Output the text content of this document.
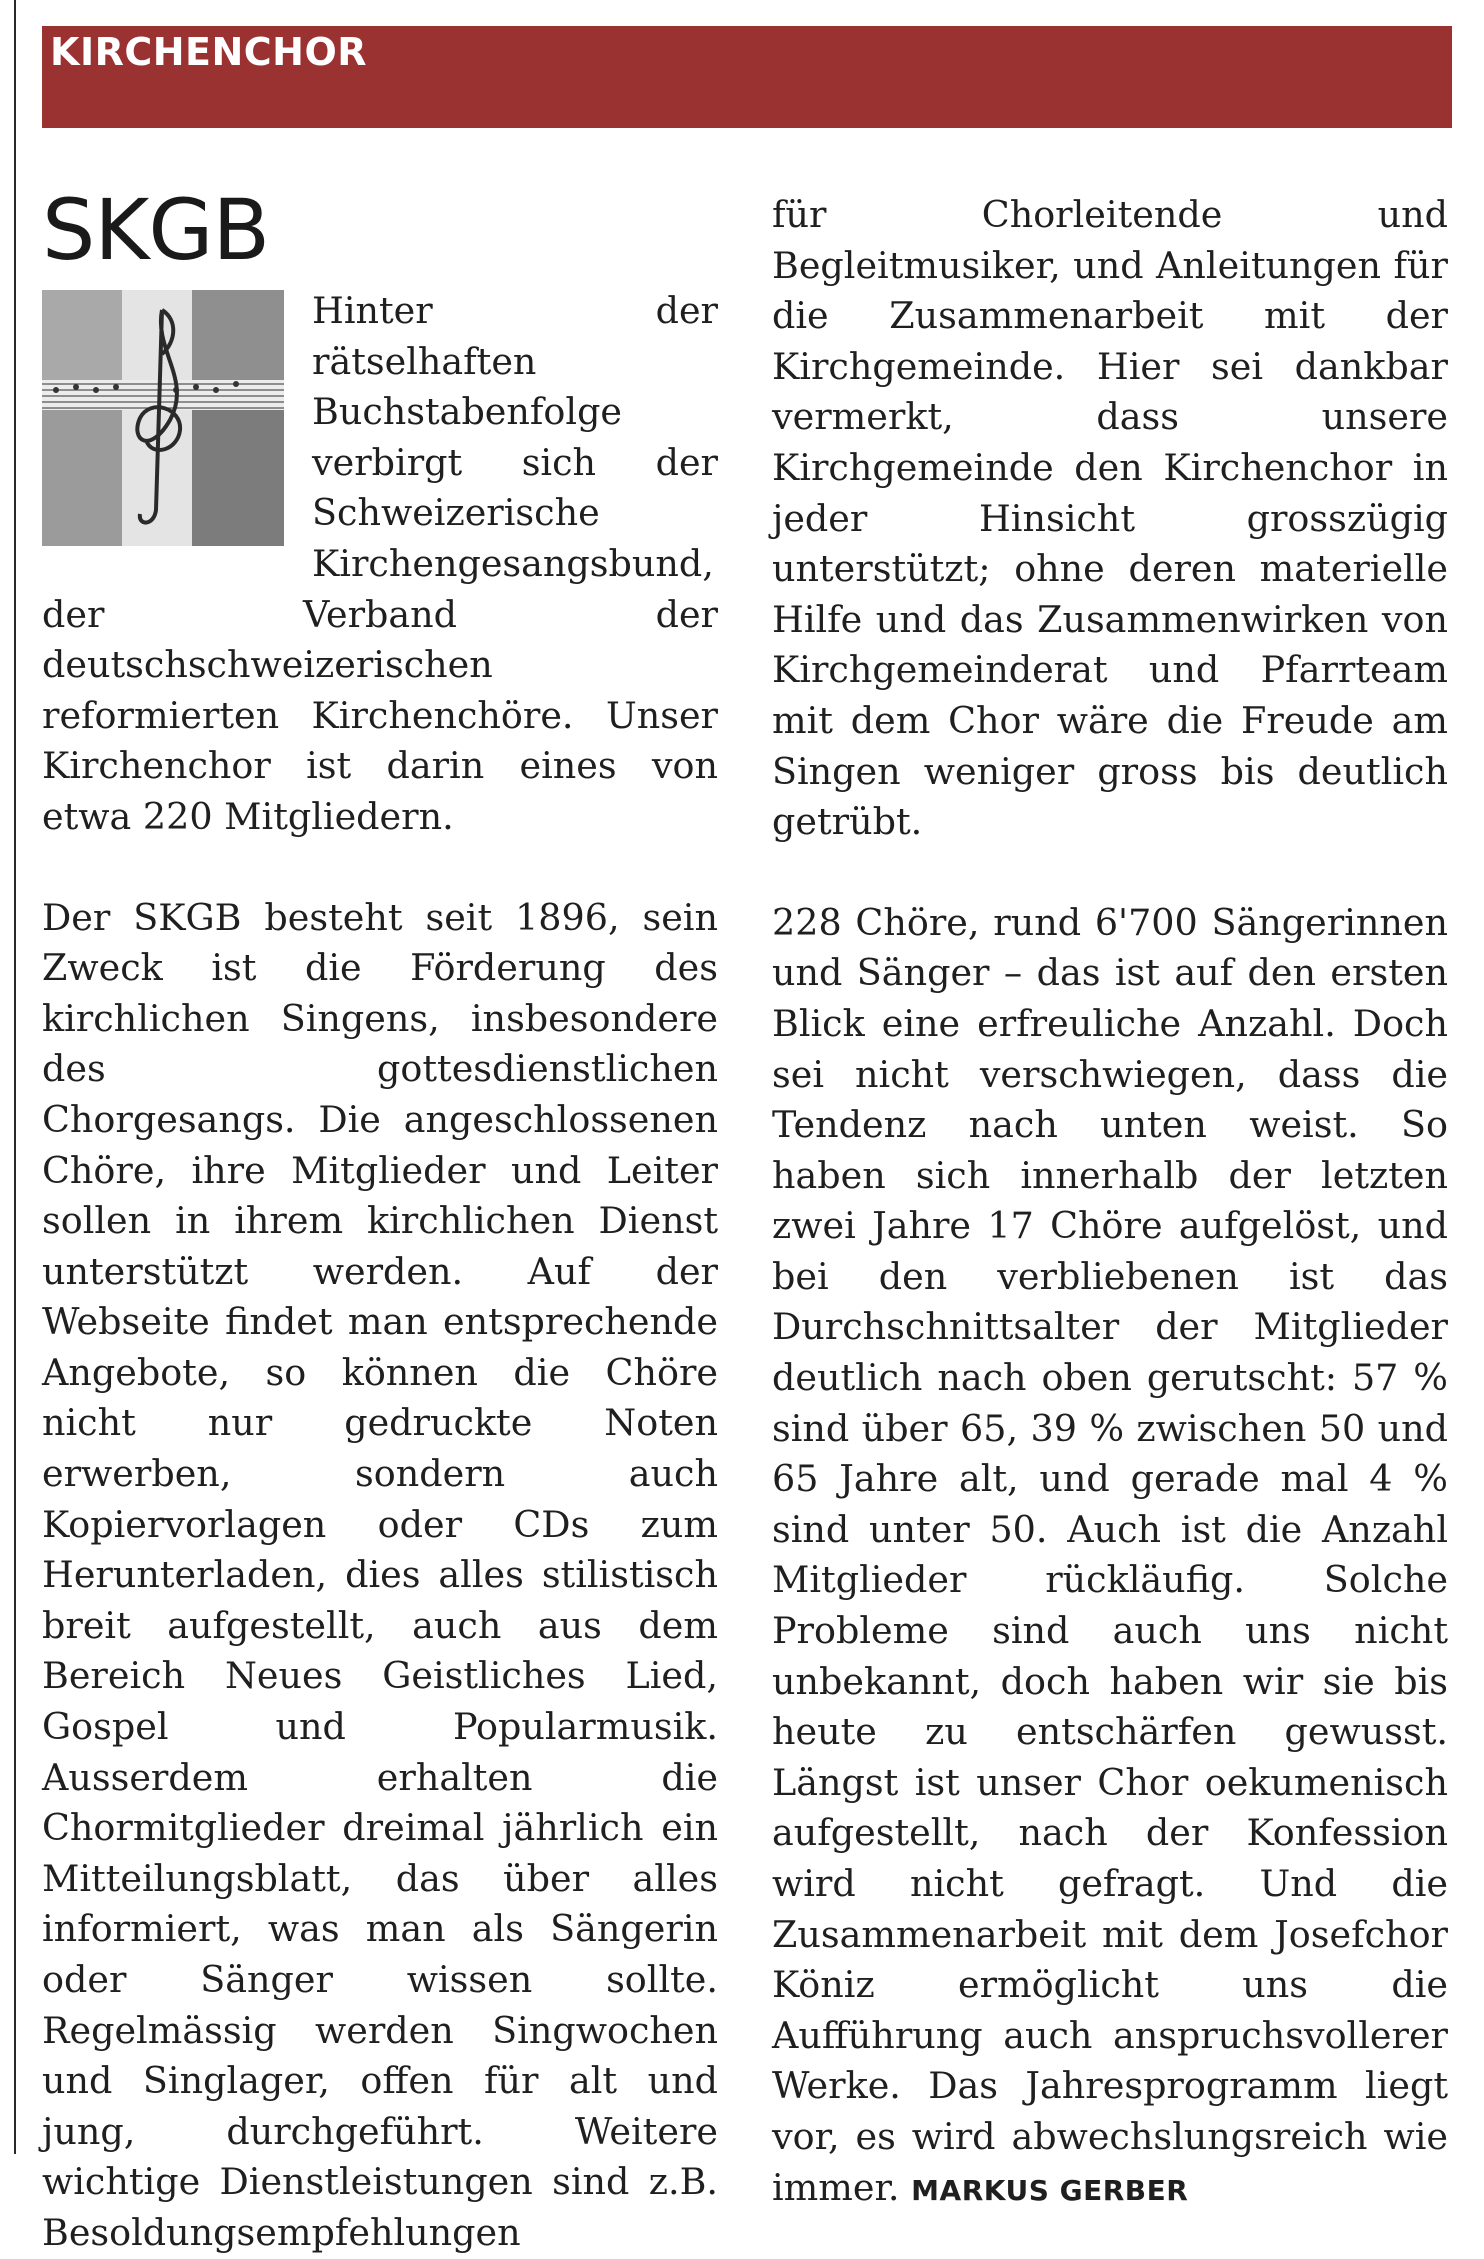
KIRCHENCHOR
SKGB

Hinter der rätselhaften Buchstabenfolge verbirgt sich der Schweizerische Kirchengesangsbund, der Verband der deutschschweizerischen reformierten Kirchenchöre. Unser Kirchenchor ist darin eines von etwa 220 Mitgliedern.

Der SKGB besteht seit 1896, sein Zweck ist die Förderung des kirchlichen Singens, insbesondere des gottesdienstlichen Chorgesangs. Die angeschlossenen Chöre, ihre Mitglieder und Leiter sollen in ihrem kirchlichen Dienst unterstützt werden. Auf der Webseite findet man entsprechende Angebote, so können die Chöre nicht nur gedruckte Noten erwerben, sondern auch Kopiervorlagen oder CDs zum Herunterladen, dies alles stilistisch breit aufgestellt, auch aus dem Bereich Neues Geistliches Lied, Gospel und Popularmusik. Ausserdem erhalten die Chormitglieder dreimal jährlich ein Mitteilungsblatt, das über alles informiert, was man als Sängerin oder Sänger wissen sollte. Regelmässig werden Singwochen und Singlager, offen für alt und jung, durchgeführt. Weitere wichtige Dienstleistungen sind z.B. Besoldungsempfehlungen

für Chorleitende und Begleitmusiker, und Anleitungen für die Zusammenarbeit mit der Kirchgemeinde. Hier sei dankbar vermerkt, dass unsere Kirchgemeinde den Kirchenchor in jeder Hinsicht grosszügig unterstützt; ohne deren materielle Hilfe und das Zusammenwirken von Kirchgemeinderat und Pfarrteam mit dem Chor wäre die Freude am Singen weniger gross bis deutlich getrübt.

228 Chöre, rund 6'700 Sängerinnen und Sänger – das ist auf den ersten Blick eine erfreuliche Anzahl. Doch sei nicht verschwiegen, dass die Tendenz nach unten weist. So haben sich innerhalb der letzten zwei Jahre 17 Chöre aufgelöst, und bei den verbliebenen ist das Durchschnittsalter der Mitglieder deutlich nach oben gerutscht: 57 % sind über 65, 39 % zwischen 50 und 65 Jahre alt, und gerade mal 4 % sind unter 50. Auch ist die Anzahl Mitglieder rückläufig. Solche Probleme sind auch uns nicht unbekannt, doch haben wir sie bis heute zu entschärfen gewusst. Längst ist unser Chor oekumenisch aufgestellt, nach der Konfession wird nicht gefragt. Und die Zusammenarbeit mit dem Josefchor Köniz ermöglicht uns die Aufführung auch anspruchsvollerer Werke. Das Jahresprogramm liegt vor, es wird abwechslungsreich wie immer. MARKUS GERBER
